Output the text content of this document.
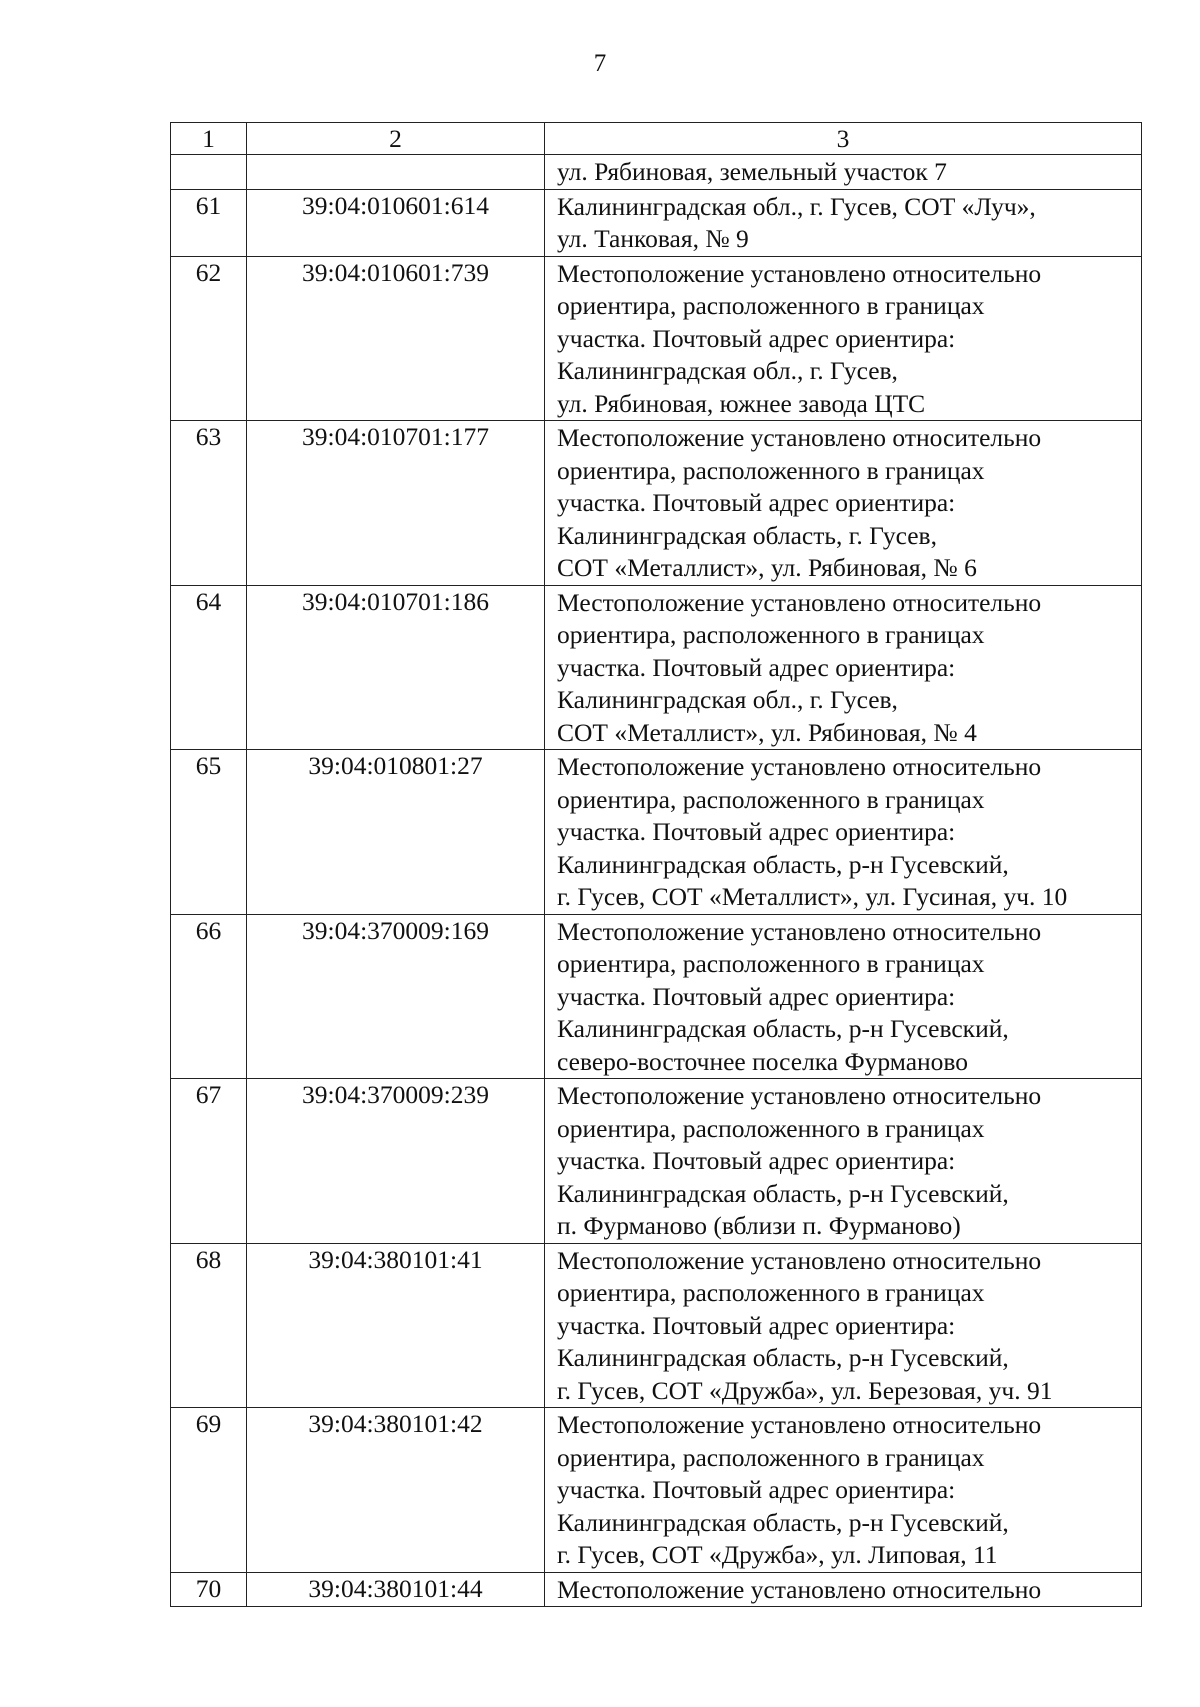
7
1	2	3

		ул. Рябиновая, земельный участок 7

61	39:04:010601:614	Калининградская обл., г. Гусев, СОТ «Луч»,
ул. Танковая, № 9

62	39:04:010601:739	Местоположение установлено относительно
ориентира, расположенного в границах
участка. Почтовый адрес ориентира:
Калининградская обл., г. Гусев,
ул. Рябиновая, южнее завода ЦТС

63	39:04:010701:177	Местоположение установлено относительно
ориентира, расположенного в границах
участка. Почтовый адрес ориентира:
Калининградская область, г. Гусев,
СОТ «Металлист», ул. Рябиновая, № 6

64	39:04:010701:186	Местоположение установлено относительно
ориентира, расположенного в границах
участка. Почтовый адрес ориентира:
Калининградская обл., г. Гусев,
СОТ «Металлист», ул. Рябиновая, № 4

65	39:04:010801:27	Местоположение установлено относительно
ориентира, расположенного в границах
участка. Почтовый адрес ориентира:
Калининградская область, р-н Гусевский,
г. Гусев, СОТ «Металлист», ул. Гусиная, уч. 10

66	39:04:370009:169	Местоположение установлено относительно
ориентира, расположенного в границах
участка. Почтовый адрес ориентира:
Калининградская область, р-н Гусевский,
северо-восточнее поселка Фурманово

67	39:04:370009:239	Местоположение установлено относительно
ориентира, расположенного в границах
участка. Почтовый адрес ориентира:
Калининградская область, р-н Гусевский,
п. Фурманово (вблизи п. Фурманово)

68	39:04:380101:41	Местоположение установлено относительно
ориентира, расположенного в границах
участка. Почтовый адрес ориентира:
Калининградская область, р-н Гусевский,
г. Гусев, СОТ «Дружба», ул. Березовая, уч. 91

69	39:04:380101:42	Местоположение установлено относительно
ориентира, расположенного в границах
участка. Почтовый адрес ориентира:
Калининградская область, р-н Гусевский,
г. Гусев, СОТ «Дружба», ул. Липовая, 11

70	39:04:380101:44	Местоположение установлено относительно
